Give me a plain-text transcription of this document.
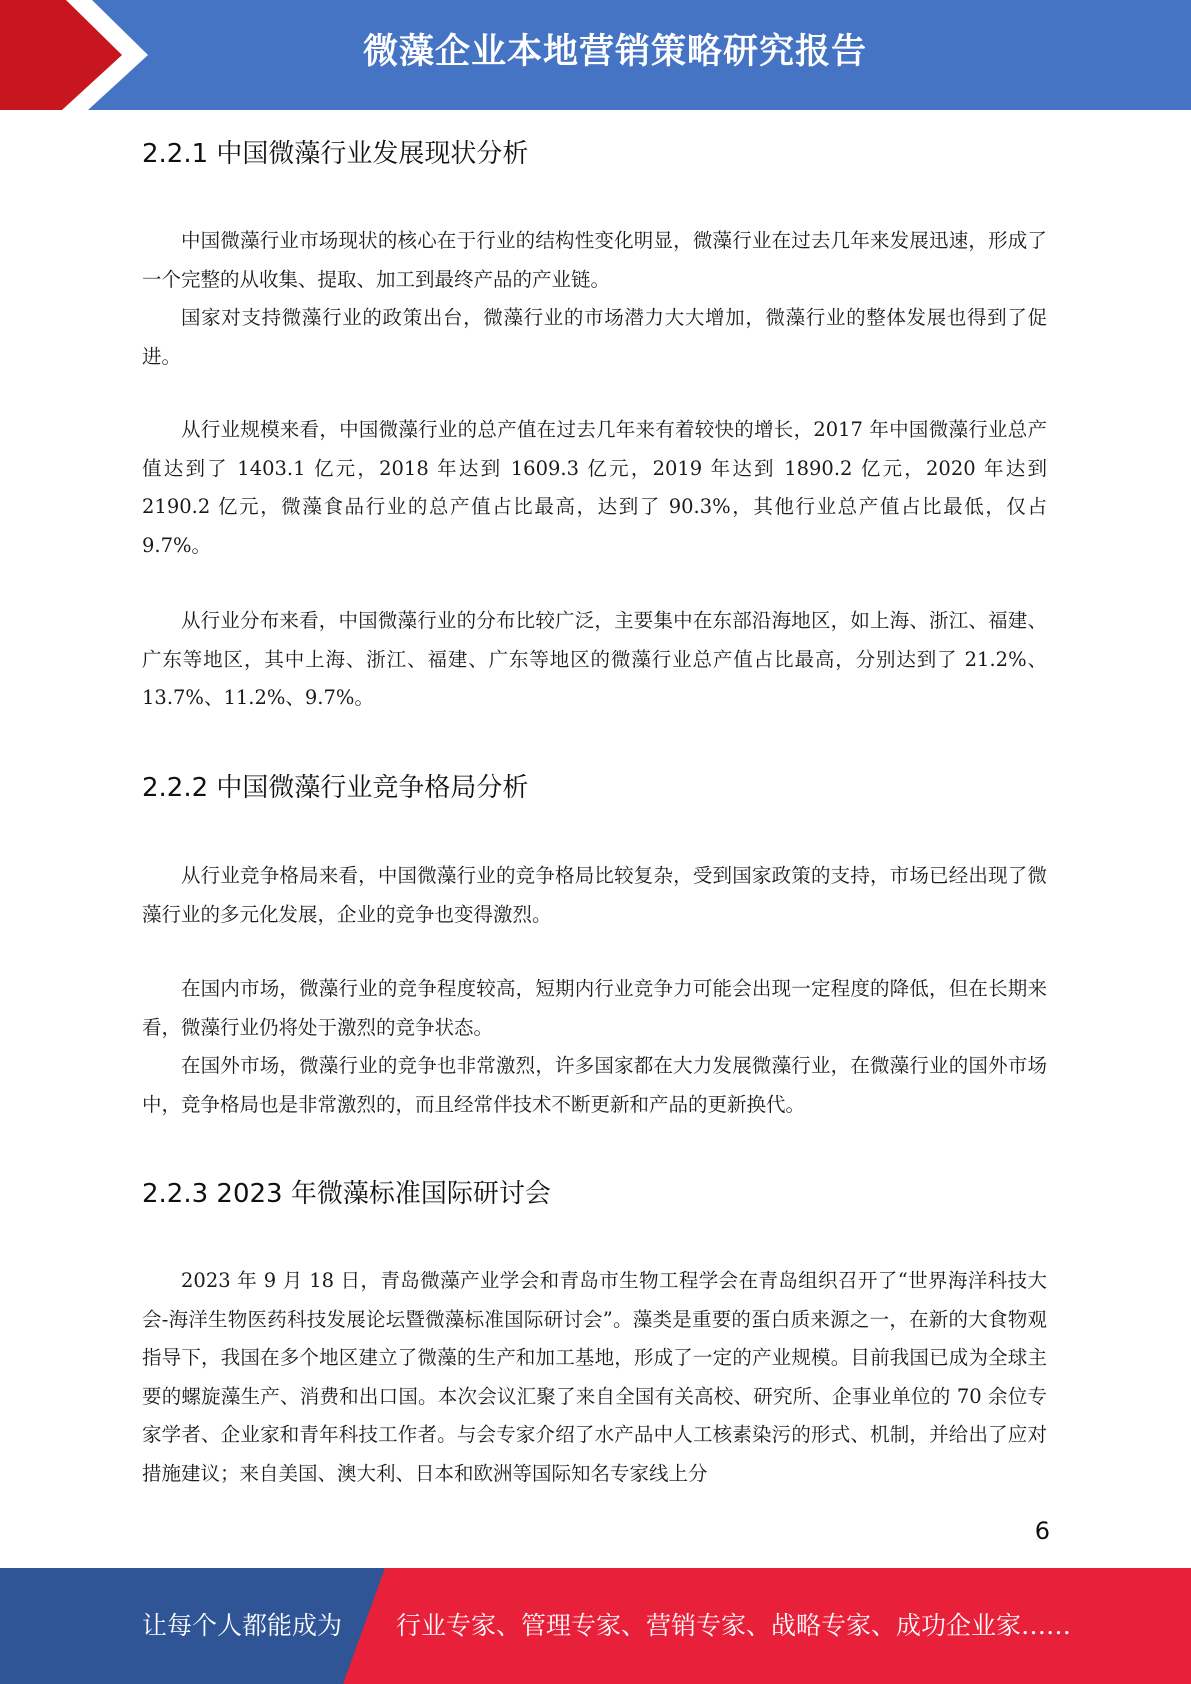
微藻企业本地营销策略研究报告
2.2.1 中国微藻行业发展现状分析

中国微藻行业市场现状的核心在于行业的结构性变化明显，微藻行业在过去几年来发展迅速，形成了一个完整的从收集、提取、加工到最终产品的产业链。

国家对支持微藻行业的政策出台，微藻行业的市场潜力大大增加，微藻行业的整体发展也得到了促进。

从行业规模来看，中国微藻行业的总产值在过去几年来有着较快的增长，2017 年中国微藻行业总产值达到了 1403.1 亿元，2018 年达到 1609.3 亿元，2019 年达到 1890.2 亿元，2020 年达到 2190.2 亿元，微藻食品行业的总产值占比最高，达到了 90.3%，其他行业总产值占比最低，仅占 9.7%。

从行业分布来看，中国微藻行业的分布比较广泛，主要集中在东部沿海地区，如上海、浙江、福建、广东等地区，其中上海、浙江、福建、广东等地区的微藻行业总产值占比最高，分别达到了 21.2%、13.7%、11.2%、9.7%。

2.2.2 中国微藻行业竞争格局分析

从行业竞争格局来看，中国微藻行业的竞争格局比较复杂，受到国家政策的支持，市场已经出现了微藻行业的多元化发展，企业的竞争也变得激烈。

在国内市场，微藻行业的竞争程度较高，短期内行业竞争力可能会出现一定程度的降低，但在长期来看，微藻行业仍将处于激烈的竞争状态。

在国外市场，微藻行业的竞争也非常激烈，许多国家都在大力发展微藻行业，在微藻行业的国外市场中，竞争格局也是非常激烈的，而且经常伴技术不断更新和产品的更新换代。

2.2.3 2023 年微藻标准国际研讨会

2023 年 9 月 18 日，青岛微藻产业学会和青岛市生物工程学会在青岛组织召开了“世界海洋科技大会-海洋生物医药科技发展论坛暨微藻标准国际研讨会”。藻类是重要的蛋白质来源之一，在新的大食物观指导下，我国在多个地区建立了微藻的生产和加工基地，形成了一定的产业规模。目前我国已成为全球主要的螺旋藻生产、消费和出口国。本次会议汇聚了来自全国有关高校、研究所、企事业单位的 70 余位专家学者、企业家和青年科技工作者。与会专家介绍了水产品中人工核素染污的形式、机制，并给出了应对措施建议；来自美国、澳大利、日本和欧洲等国际知名专家线上分

6
让每个人都能成为 行业专家、管理专家、营销专家、战略专家、成功企业家……
